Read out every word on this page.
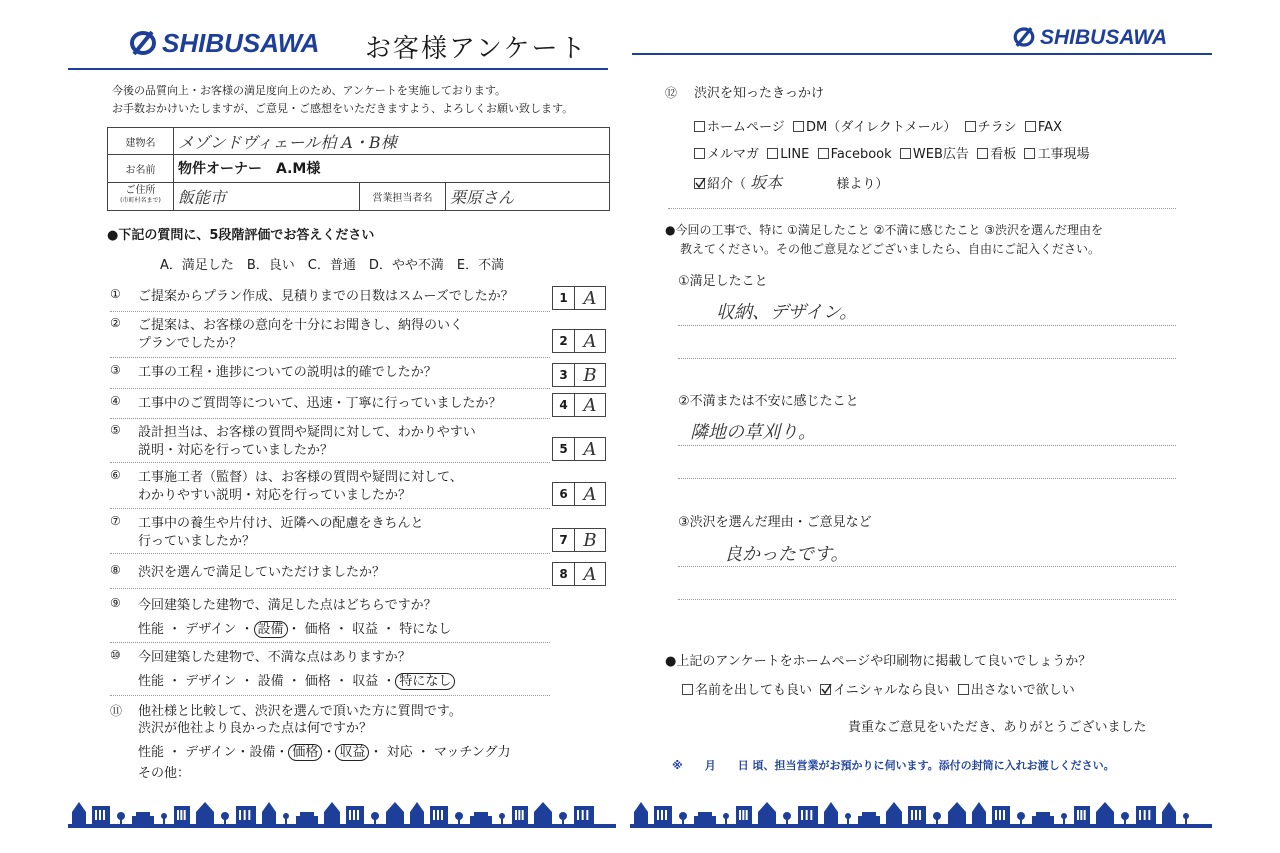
SHIBUSAWA お客様アンケート
今後の品質向上・お客様の満足度向上のため、アンケートを実施しております。
お手数おかけいたしますが、ご意見・ご感想をいただきますよう、よろしくお願い致します。
建物名	メゾンドヴィェール柏 A・B棟		
お名前	物件オーナー　A.M様		

ご住所
(市町村名まで)	飯能市	営業担当者名	栗原さん
●下記の質問に、5段階評価でお答えください
A．満足した　B．良い　C．普通　D．やや不満　E．不満
①	ご提案からプラン作成、見積りまでの日数はスムーズでしたか？	1 A
②	ご提案は、お客様の意向を十分にお聞きし、納得のいく
プランでしたか？	2 A
③	工事の工程・進捗についての説明は的確でしたか？	3 B
④	工事中のご質問等について、迅速・丁寧に行っていましたか？	4 A
⑤	設計担当は、お客様の質問や疑問に対して、わかりやすい
説明・対応を行っていましたか？	5 A
⑥	工事施工者（監督）は、お客様の質問や疑問に対して、
わかりやすい説明・対応を行っていましたか？	6 A
⑦	工事中の養生や片付け、近隣への配慮をきちんと
行っていましたか？	7 B
⑧	渋沢を選んで満足していただけましたか？	8 A
⑨	今回建築した建物で、満足した点はどちらですか？
性能 ・ デザイン ・ 設備 ・ 価格 ・ 収益 ・ 特になし
⑩	今回建築した建物で、不満な点はありますか？
性能 ・ デザイン ・ 設備 ・ 価格 ・ 収益 ・ 特になし
⑪	他社様と比較して、渋沢を選んで頂いた方に質問です。
渋沢が他社より良かった点は何ですか？
性能 ・ デザイン・設備・ 価格 ・ 収益 ・ 対応 ・ マッチング力
その他：
SHIBUSAWA
⑫ 渋沢を知ったきっかけ
ホームページ DM（ダイレクトメール） チラシ FAX
メルマガ LINE Facebook WEB広告 看板 工事現場
紹介（ 坂本	様より）
●今回の工事で、特に ①満足したこと ②不満に感じたこと ③渋沢を選んだ理由を
教えてください。その他ご意見などございましたら、自由にご記入ください。
①満足したこと
収納、デザイン。
②不満または不安に感じたこと
隣地の草刈り。
③渋沢を選んだ理由・ご意見など
良かったです。
●上記のアンケートをホームページや印刷物に掲載して良いでしょうか？
名前を出しても良い イニシャルなら良い 出さないで欲しい
貴重なご意見をいただき、ありがとうございました
※　　月　　日 頃、担当営業がお預かりに伺います。添付の封筒に入れお渡しください。
